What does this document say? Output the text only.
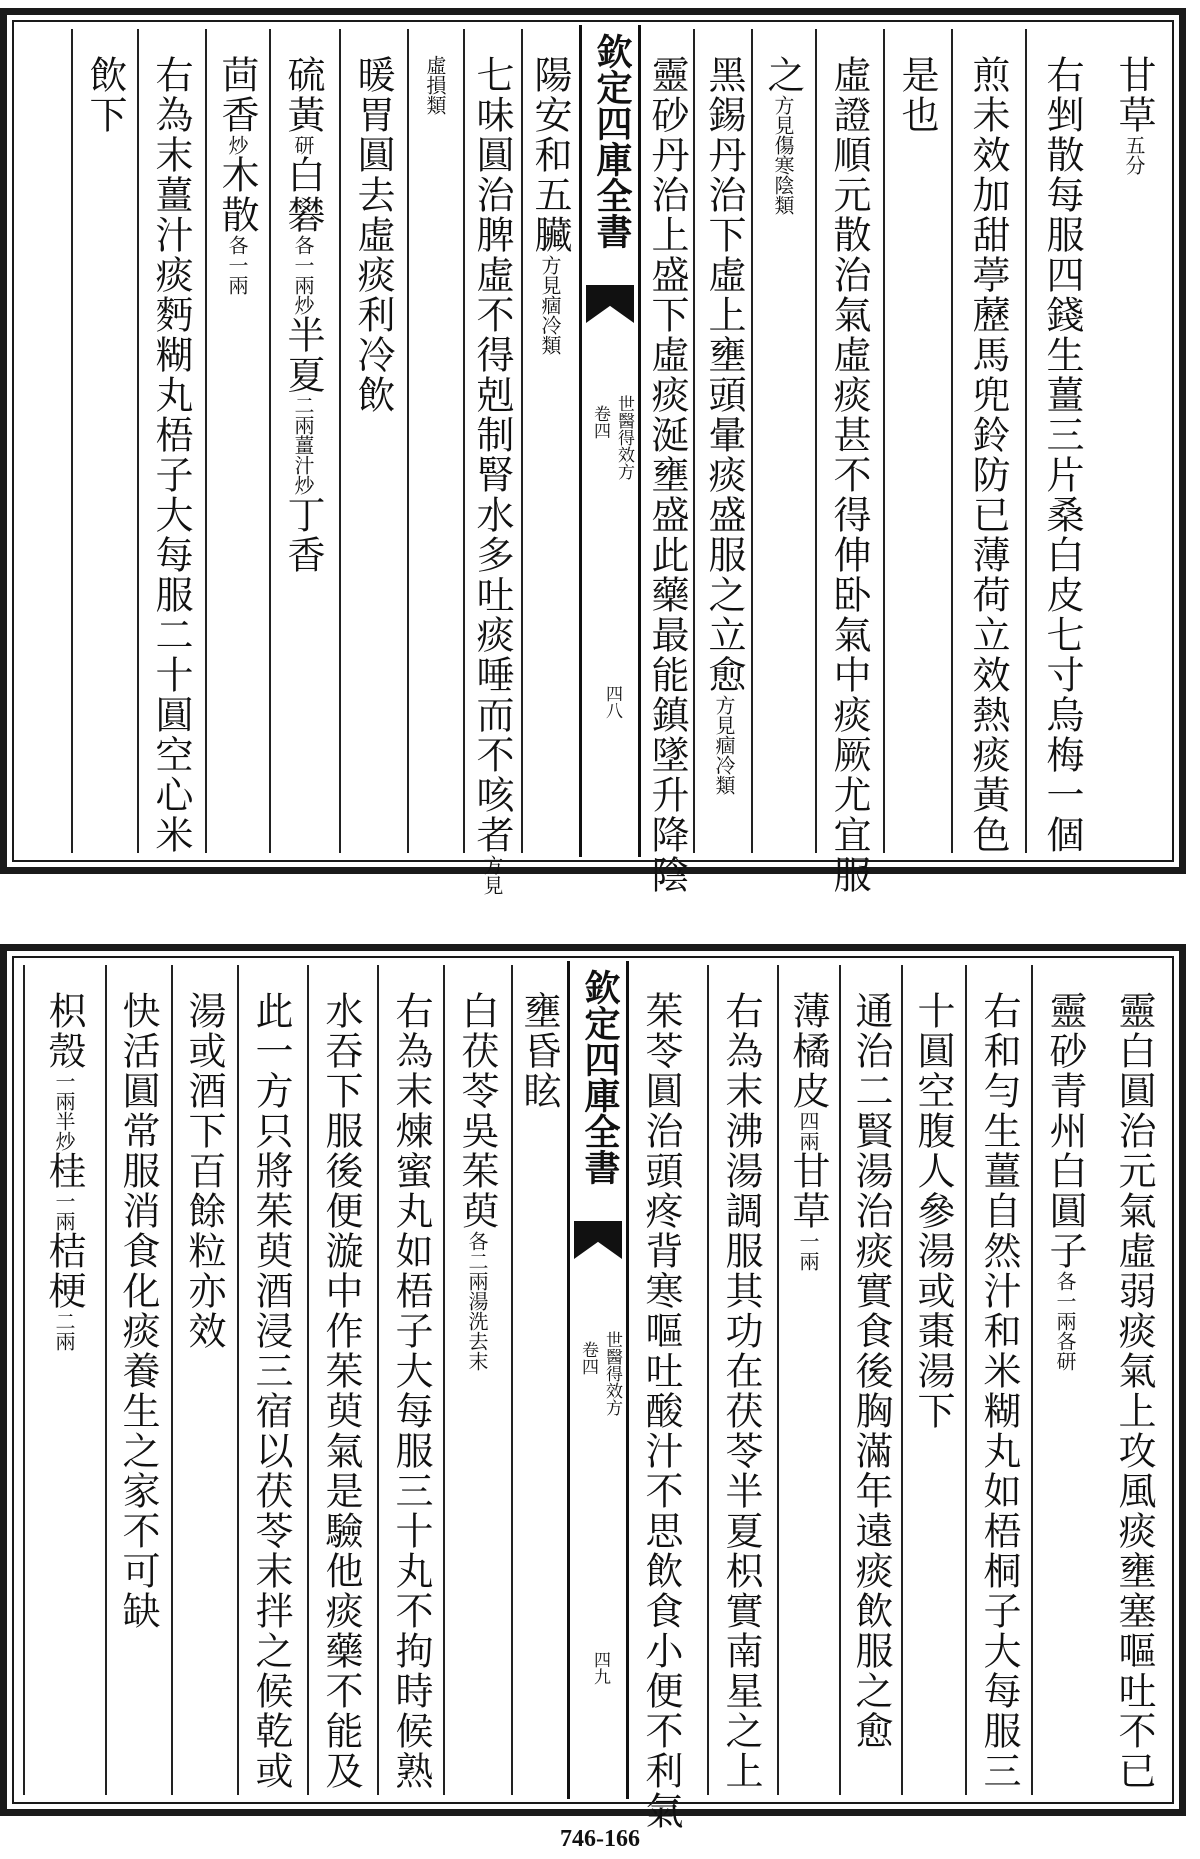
甘草五分
右剉散每服四錢生薑三片桑白皮七寸烏梅一個
煎未效加甜葶藶馬兜鈴防已薄荷立效熱痰黃色
是也
虛證順元散治氣虛痰甚不得伸卧氣中痰厥尤宜服
之方見傷寒陰類
黑錫丹治下虛上壅頭暈痰盛服之立愈方見痼冷類
靈砂丹治上盛下虛痰涎壅盛此藥最能鎮墜升降陰
陽安和五臟方見痼冷類
七味圓治脾虛不得剋制腎水多吐痰唾而不咳者方見
虛損類
暖胃圓去虛痰利冷飲
硫黃研白礬各一兩炒半夏二兩薑汁炒丁香
茴香炒木散各一兩
右為末薑汁痰麪糊丸梧子大每服二十圓空心米
飲下	欽定四庫全書
世醫得效方
卷四
四八
靈白圓治元氣虛弱痰氣上攻風痰壅塞嘔吐不已
靈砂青州白圓子各一兩各研
右和勻生薑自然汁和米糊丸如梧桐子大每服三
十圓空腹人參湯或棗湯下
通治二賢湯治痰實食後胸滿年遠痰飲服之愈
薄橘皮四兩甘草一兩
右為末沸湯調服其功在茯苓半夏枳實南星之上
茱苓圓治頭疼背寒嘔吐酸汁不思飲食小便不利氣
壅昏眩
白茯苓吳茱萸各二兩湯洗去末
右為末煉蜜丸如梧子大每服三十丸不拘時候熟
水吞下服後便漩中作茱萸氣是驗他痰藥不能及
此一方只將茱萸酒浸三宿以茯苓末拌之候乾或
湯或酒下百餘粒亦效
快活圓常服消食化痰養生之家不可缺
枳殼一兩半炒桂一兩桔梗二兩
欽定四庫全書
世醫得效方
卷四
四九
746-166
